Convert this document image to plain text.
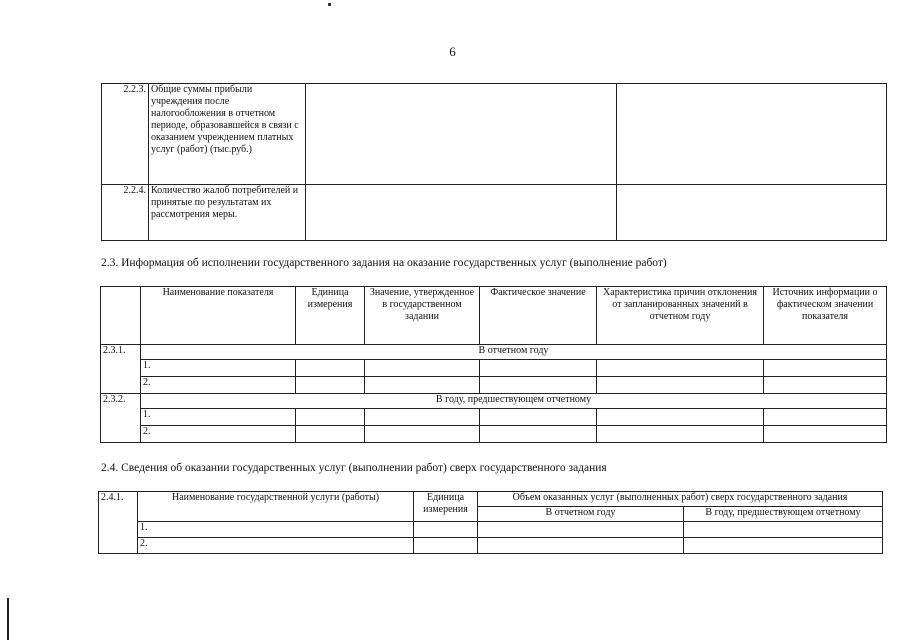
6
2.2.3.	Общие суммы прибыли учреждения после налогообложения в отчетном периоде, образовавшейся в связи с оказанием учреждением платных услуг (работ) (тыс.руб.)		
2.2.4.	Количество жалоб потребителей и принятые по результатам их рассмотрения меры.		
2.3. Информация об исполнении государственного задания на оказание государственных услуг (выполнение работ)
	Наименование показателя	Единица измерения	Значение, утвержденное в государственном задании	Фактическое значение	Характеристика причин отклонения от запланированных значений в отчетном году	Источник информации о фактическом значении показателя
2.3.1.	В отчетном году					
	1.					
	2.					
2.3.2.	В году, предшествующем отчетному					
	1.					
	2.					
2.4. Сведения об оказании государственных услуг (выполнении работ) сверх государственного задания
2.4.1.	Наименование государственной услуги (работы)	Единица измерения	Объем оказанных услуг (выполненных работ) сверх государственного задания	
			В отчетном году	В году, предшествующем отчетному
	1.			
	2.			
